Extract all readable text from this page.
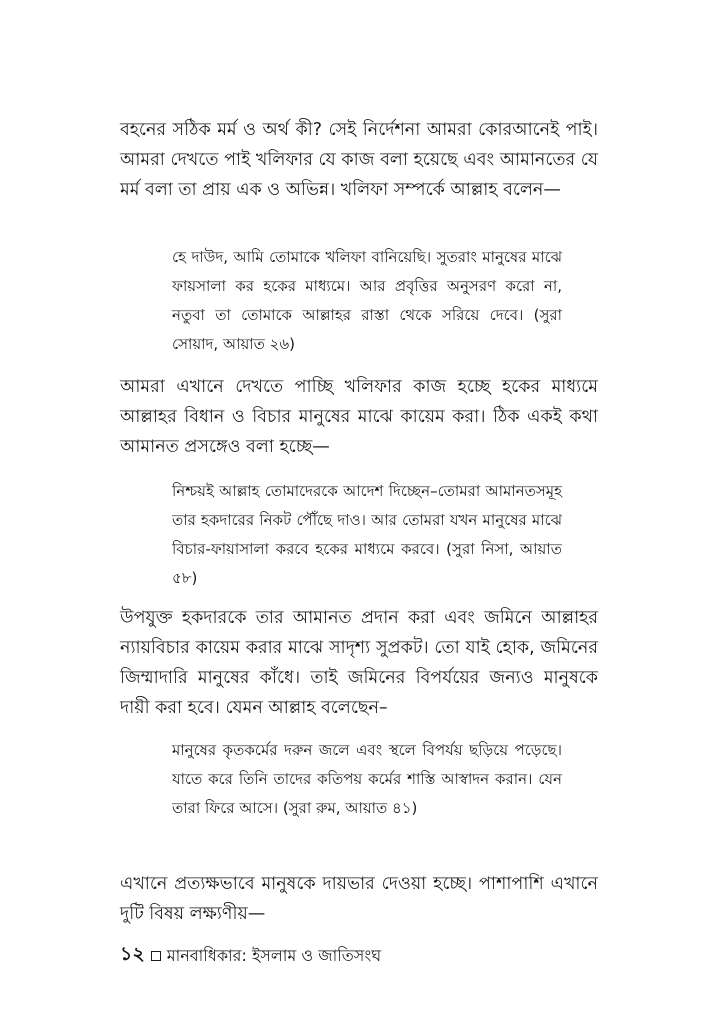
বহনের সঠিক মর্ম ও অর্থ কী? সেই নির্দেশনা আমরা কোরআনেই পাই। আমরা দেখতে পাই খলিফার যে কাজ বলা হয়েছে এবং আমানতের যে মর্ম বলা তা প্রায় এক ও অভিন্ন। খলিফা সম্পর্কে আল্লাহ বলেন—

হে দাউদ, আমি তোমাকে খলিফা বানিয়েছি। সুতরাং মানুষের মাঝে ফায়সালা কর হকের মাধ্যমে। আর প্রবৃত্তির অনুসরণ করো না, নতুবা তা তোমাকে আল্লাহর রাস্তা থেকে সরিয়ে দেবে। (সুরা সোয়াদ, আয়াত ২৬)

আমরা এখানে দেখতে পাচ্ছি খলিফার কাজ হচ্ছে হকের মাধ্যমে আল্লাহর বিধান ও বিচার মানুষের মাঝে কায়েম করা। ঠিক একই কথা আমানত প্রসঙ্গেও বলা হচ্ছে—

নিশ্চয়ই আল্লাহ তোমাদেরকে আদেশ দিচ্ছেন–তোমরা আমানতসমূহ তার হকদারের নিকট পৌঁছে দাও। আর তোমরা যখন মানুষের মাঝে বিচার-ফায়াসালা করবে হকের মাধ্যমে করবে। (সুরা নিসা, আয়াত ৫৮)

উপযুক্ত হকদারকে তার আমানত প্রদান করা এবং জমিনে আল্লাহর ন্যায়বিচার কায়েম করার মাঝে সাদৃশ্য সুপ্রকট। তো যাই হোক, জমিনের জিম্মাদারি মানুষের কাঁধে। তাই জমিনের বিপর্যয়ের জন্যও মানুষকে দায়ী করা হবে। যেমন আল্লাহ বলেছেন–

মানুষের কৃতকর্মের দরুন জলে এবং স্থলে বিপর্যয় ছড়িয়ে পড়েছে। যাতে করে তিনি তাদের কতিপয় কর্মের শাস্তি আস্বাদন করান। যেন তারা ফিরে আসে। (সুরা রুম, আয়াত ৪১)

এখানে প্রত্যক্ষভাবে মানুষকে দায়ভার দেওয়া হচ্ছে। পাশাপাশি এখানে দুটি বিষয় লক্ষ্যণীয়—

১২ মানবাধিকার: ইসলাম ও জাতিসংঘ
